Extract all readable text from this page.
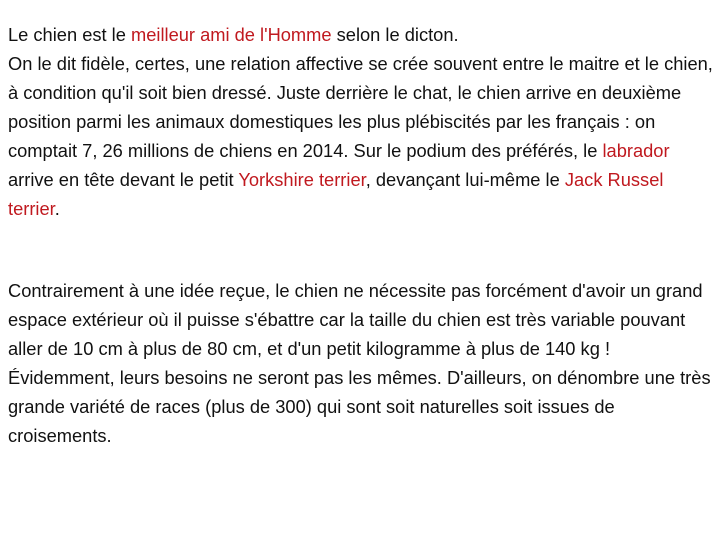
Le chien est le meilleur ami de l'Homme selon le dicton.
On le dit fidèle, certes, une relation affective se crée souvent entre le maitre et le chien, à condition qu'il soit bien dressé. Juste derrière le chat, le chien arrive en deuxième position parmi les animaux domestiques les plus plébiscités par les français : on comptait 7, 26 millions de chiens en 2014. Sur le podium des préférés, le labrador arrive en tête devant le petit Yorkshire terrier, devançant lui-même le Jack Russel terrier.

Contrairement à une idée reçue, le chien ne nécessite pas forcément d'avoir un grand espace extérieur où il puisse s'ébattre car la taille du chien est très variable pouvant aller de 10 cm à plus de 80 cm, et d'un petit kilogramme à plus de 140 kg ! Évidemment, leurs besoins ne seront pas les mêmes. D'ailleurs, on dénombre une très grande variété de races (plus de 300) qui sont soit naturelles soit issues de croisements.
